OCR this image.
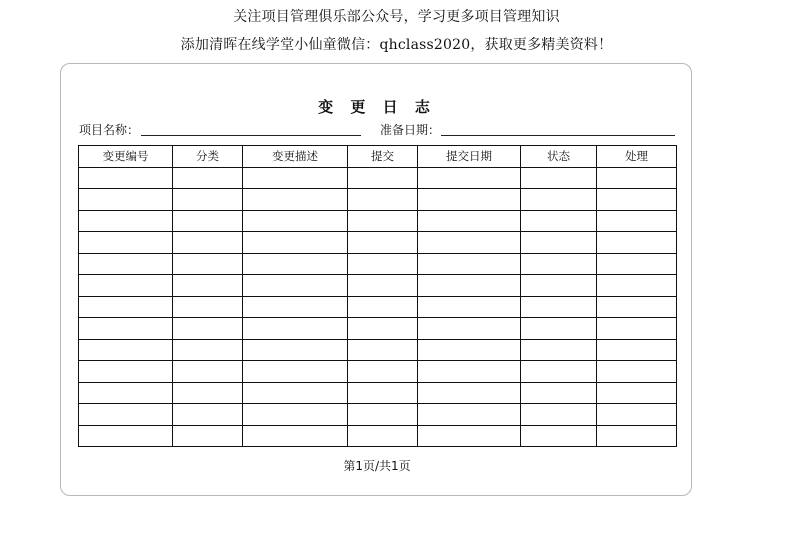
关注项目管理俱乐部公众号，学习更多项目管理知识
添加清晖在线学堂小仙童微信：qhclass2020，获取更多精美资料！
变 更 日 志
项目名称：	准备日期：
变更编号	分类	变更描述	提交	提交日期	状态	处理

第1页/共1页
